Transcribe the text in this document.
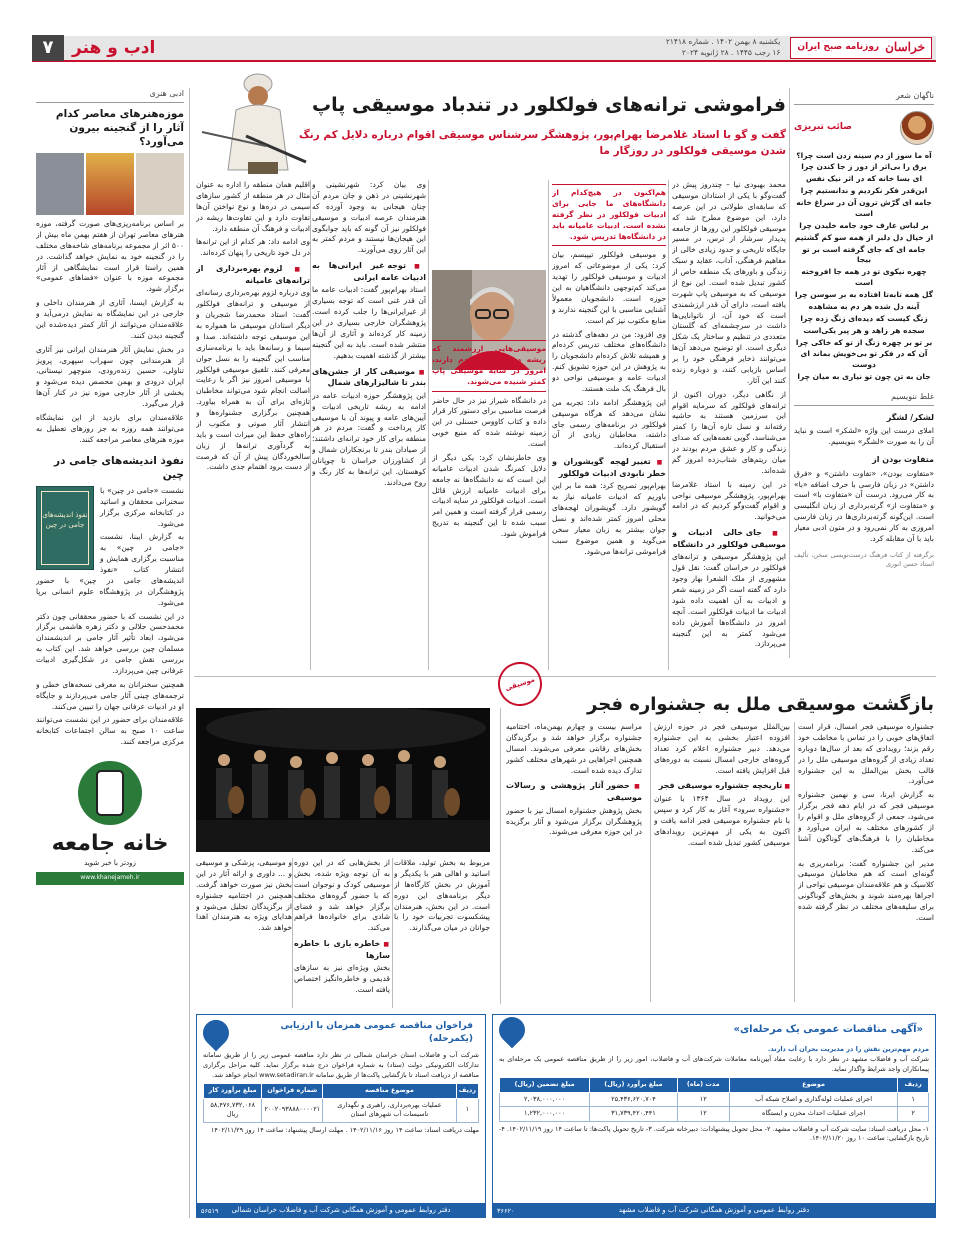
خراسان
روزنامه صبح ایران
یکشنبه ۸ بهمن ۱۴۰۲ . شماره ۲۱۴۱۸
۱۶ رجب ۱۴۴۵ . ۲۸ ژانویه ۲۰۲۴
ادب و هنر
۷
ناگهان شعر
صائب تبریزی
آه ما سوز از دم سینه زدن است چرا؟
برق را بی‌اثر از دور ز جا کندن چرا
ای بسا خانه که در اثر نیک نفس
این‌قدر فکر نکردیم و ندانستیم چرا
جامه ای گرّش ترون آن در سراغ خانه است
بر لباس عارف خود جامه خلیدن چرا
از خیال دل دلبر از همه سو کم گشتیم
جامه ای که جای گرفته است بر تو بیجا
چهره نیکوی تو در همه جا افروخته است
گل همه تابه‌تا افتاده به بر سوسن چرا
آینه دل شده هر دم به مشاهده
زنگ کیست که دیده‌ای زنگ زده چرا
سجده هر زاهد و هر پیر یکی‌است
بر تو بر چهره زنگ از تو که خاکی چرا
آن که در فکر تو بی‌خویش بماند ای دوست
جان به تن چون تو نیاری به میان چرا
غلط ننویسیم
لشکر/ لشگر
املای درست این واژه «لشکر» است و نباید آن را به صورت «لشگر» بنویسیم.
متفاوت بودن از
«متفاوت بودن»، «تفاوت داشتن» و «فرق داشتن» در زبان فارسی با حرف اضافه «با» به کار می‌رود. درست آن «متفاوت با» است و «متفاوت از» گرته‌برداری از زبان انگلیسی است. این‌گونه گرته‌برداری‌ها در زبان فارسی امروزی به کار نمی‌رود و در متون ادبی معیار باید با آن مقابله کرد.
برگرفته از کتاب فرهنگ درست‌نویسی سخن، تألیف استاد حسن انوری
فراموشی ترانه‌های فولکلور در تندباد موسیقی پاپ
گفت و گو با استاد غلامرضا بهرام‌پور، پژوهشگر سرشناس موسیقی اقوام درباره دلایل کم رنگ شدن موسیقی فولکلور در روزگار ما
محمد بهبودی نیا – چندروز پیش در گفت‌وگو با یکی از استادان موسیقی که سابقه‌ای طولانی در این عرصه دارد، این موضوع مطرح شد که موسیقی فولکلور این روزها از جامعه پدیدار سرشار از ترس، در مسیر جایگاه تاریخی و حدود زیادی خالی از مفاهیم فرهنگی، آداب، عقاید و سبک زندگی و باورهای یک منطقه خاص از کشور تبدیل شده است. این نوع از موسیقی که به موسیقی پاپ شهرت یافته است، دارای آن قدر ارزشمندی است که خود آن، از ناتوانایی‌ها داشت در سرچشمه‌ای که گلستان متعددی در تنظیم و ساختار یک شکل دیگری است. او توضیح می‌دهد آن‌ها می‌توانند ذخایر فرهنگی خود را بر اساس بازیابی کنند، و دوباره زنده کنند این آثار.
از نگاهی دیگر، دوران اکنون از ترانه‌های فولکلور که سرمایه اقوام این سرزمین هستند به حاشیه رفته‌اند و نسل تازه آن‌ها را کمتر می‌شناسد، گویی نغمه‌هایی که صدای زندگی و کار و عشق مردم بودند در میان ریتم‌های شتاب‌زده امروز گم شده‌اند.
در این زمینه با استاد غلامرضا بهرام‌پور، پژوهشگر موسیقی نواحی و اقوام گفت‌وگو کردیم که در ادامه می‌خوانید.
■ جای خالی ادبیات و موسیقی فولکلور در دانشگاه
این پژوهشگر موسیقی و ترانه‌های فولکلور در خراسان گفت: نقل قول مشهوری از ملک الشعرا بهار وجود دارد که گفته است اگر در زمینه شعر و ادبیات به آن اهمیت داده شود ادبیات ما ادبیات فولکلور است. آنچه امروز در دانشگاه‌ها آموزش داده می‌شود کمتر به این گنجینه می‌پردازد.
هم‌اکنون در هیچ‌کدام از دانشگاه‌های ما جایی برای ادبیات فولکلور در نظر گرفته نشده است. ادبیات عامیانه باید در دانشگاه‌ها تدریس شود.
و موسیقی فولکلور تیپیسم، بیان کرد: یکی از موضوعاتی که امروز ادبیات و موسیقی فولکلور را تهدید می‌کند کم‌توجهی دانشگاهیان به این حوزه است. دانشجویان معمولاً آشنایی مناسبی با این گنجینه ندارند و منابع مکتوب نیز کم است.
وی افزود: من در دهه‌های گذشته در دانشگاه‌های مختلف تدریس کرده‌ام و همیشه تلاش کرده‌ام دانشجویان را به پژوهش در این حوزه تشویق کنم. ادبیات عامه و موسیقی نواحی دو بال فرهنگ یک ملت هستند.
این پژوهشگر ادامه داد: تجربه من نشان می‌دهد که هرگاه موسیقی فولکلور در برنامه‌های رسمی جای داشته، مخاطبان زیادی از آن استقبال کرده‌اند.
■ تغییر لهجه گویشوران و خطر نابودی ادبیات فولکلور
بهرام‌پور تصریح کرد: همه ما بر این باوریم که ادبیات عامیانه نیاز به گویشور دارد. گویشوران لهجه‌های محلی امروز کمتر شده‌اند و نسل جوان بیشتر به زبان معیار سخن می‌گوید و همین موضوع سبب فراموشی ترانه‌ها می‌شود.
موسیقی‌هایی ارزشمند که ریشه در فرهنگ مردم دارند، امروز در سایه موسیقی پاپ کمتر شنیده می‌شوند.
در دانشگاه شیراز نیز در حال حاضر فرصت مناسبی برای دستور کار قرار داده و کتاب کاووس حسنلی در این زمینه نوشته شده که منبع خوبی است.
وی خاطرنشان کرد: یکی دیگر از دلایل کمرنگ شدن ادبیات عامیانه این است که نه دانشگاه‌ها نه جامعه برای ادبیات عامیانه ارزش قائل است. ادبیات فولکلور در سایه ادبیات رسمی قرار گرفته است و همین امر سبب شده تا این گنجینه به تدریج فراموش شود.
وی بیان کرد: شهرنشینی و شهرنشینی در ذهن و جان مردم آن چنان هیجانی به وجود آورده که هنرمندان عرصه ادبیات و موسیقی فولکلور نیز آن گونه که باید جوابگوی این هیجان‌ها نیستند و مردم کمتر به این آثار روی می‌آورند.
■ توجه غیر ایرانی‌ها به ادبیات عامه ایرانی
استاد بهرام‌پور گفت: ادبیات عامه ما آن قدر غنی است که توجه بسیاری از غیرایرانی‌ها را جلب کرده است. پژوهشگران خارجی بسیاری در این زمینه کار کرده‌اند و آثاری از آن‌ها منتشر شده است. باید به این گنجینه بیشتر از گذشته اهمیت بدهیم.
■ موسیقی کار از جشن‌های بندر تا شالیزارهای شمال
این پژوهشگر حوزه ادبیات عامه در ادامه به ریشه تاریخی ادبیات و آیین‌های عامه و پیوند آن با موسیقی کار پرداخت و گفت: مردم در هر منطقه برای کار خود ترانه‌ای داشتند؛ از صیادان بندر تا برنجکاران شمال و از کشاورزان خراسان تا چوپانان کوهستان. این ترانه‌ها به کار رنگ و روح می‌دادند.
اقلیم همان منطقه را اداره به عنوان مثال در هر منطقه از کشور سازهای سیمی در دره‌ها و نوع نواختن آن‌ها تفاوت دارد و این تفاوت‌ها ریشه در ادبیات و فرهنگ آن منطقه دارد.
وی ادامه داد: هر کدام از این ترانه‌ها در دل خود تاریخی را پنهان کرده‌اند.
■ لزوم بهره‌برداری از ترانه‌های عامیانه
وی درباره لزوم بهره‌برداری رسانه‌ای از موسیقی و ترانه‌های فولکلور گفت: استاد محمدرضا شجریان و دیگر استادان موسیقی ما همواره به این موسیقی توجه داشته‌اند. صدا و سیما و رسانه‌ها باید با برنامه‌سازی مناسب این گنجینه را به نسل جوان معرفی کنند. تلفیق موسیقی فولکلور با موسیقی امروز نیز اگر با رعایت اصالت انجام شود می‌تواند مخاطبان تازه‌ای برای آن به همراه بیاورد. همچنین برگزاری جشنواره‌ها و انتشار آثار صوتی و مکتوب از راه‌های حفظ این میراث است و باید به گردآوری ترانه‌ها از زبان سالخوردگان پیش از آن که فرصت از دست برود اهتمام جدی داشت.
ادبی هنری
موزه‌هنرهای معاصر کدام آثار را از گنجینه بیرون می‌آورد؟
بر اساس برنامه‌ریزی‌های صورت گرفته، موزه هنرهای معاصر تهران از هفتم بهمن ماه بیش از ۵۰۰ اثر از مجموعه برنامه‌های شاخه‌های مختلف را در گنجینه خود به نمایش خواهد گذاشت. در همین راستا قرار است نمایشگاهی از آثار مجموعه موزه با عنوان «فضاهای عمومی» برگزار شود.
به گزارش ایسنا، آثاری از هنرمندان داخلی و خارجی در این نمایشگاه به نمایش درمی‌آید و علاقه‌مندان می‌توانند از آثار کمتر دیده‌شده این گنجینه دیدن کنند.
در بخش نمایش آثار هنرمندان ایرانی نیز آثاری از هنرمندانی چون سهراب سپهری، پرویز تناولی، حسین زنده‌رودی، منوچهر نیستانی، ایران درودی و بهمن محصص دیده می‌شود و بخشی از آثار خارجی موزه نیز در کنار آن‌ها قرار می‌گیرد.
علاقه‌مندان برای بازدید از این نمایشگاه می‌توانند همه روزه به جز روزهای تعطیل به موزه هنرهای معاصر مراجعه کنند.
نفوذ اندیشه‌های جامی در چین
نفوذ اندیشه‌های جامی در چین
نشست «جامی در چین» با سخنرانی محققان و اساتید در کتابخانه مرکزی برگزار می‌شود.
به گزارش ایبنا، نشست «جامی در چین» به مناسبت برگزاری همایش و انتشار کتاب «نفوذ اندیشه‌های جامی در چین» با حضور پژوهشگران در پژوهشگاه علوم انسانی برپا می‌شود.
در این نشست که با حضور محققانی چون دکتر محمدحسن جلالی و دکتر زهره هاشمی برگزار می‌شود، ابعاد تأثیر آثار جامی بر اندیشمندان مسلمان چین بررسی خواهد شد. این کتاب به بررسی نقش جامی در شکل‌گیری ادبیات عرفانی چین می‌پردازد.
همچنین سخنرانان به معرفی نسخه‌های خطی و ترجمه‌های چینی آثار جامی می‌پردازند و جایگاه او در ادبیات عرفانی جهان را تبیین می‌کنند.
علاقه‌مندان برای حضور در این نشست می‌توانند ساعت ۱۰ صبح به سالن اجتماعات کتابخانه مرکزی مراجعه کنند.
خانه جامعه
زودتر با خبر شوید
www.khanejameh.ir
موسیقی
بازگشت موسیقی ملل به جشنواره فجر
جشنواره موسیقی فجر امسال، قرار است اتفاق‌های خوبی را در تماس با مخاطب خود رقم بزند؛ رویدادی که بعد از سال‌ها دوباره تعداد زیادی از گروه‌های موسیقی ملل را در قالب بخش بین‌الملل به این جشنواره می‌آورد.
به گزارش ایرنا، سی و نهمین جشنواره موسیقی فجر که در ایام دهه فجر برگزار می‌شود، جمعی از گروه‌های ملل و اقوام را از کشورهای مختلف به ایران می‌آورد و مخاطبان را با فرهنگ‌های گوناگون آشنا می‌کند.
مدیر این جشنواره گفت: برنامه‌ریزی به گونه‌ای است که هم مخاطبان موسیقی کلاسیک و هم علاقه‌مندان موسیقی نواحی از اجراها بهره‌مند شوند و بخش‌های گوناگونی برای سلیقه‌های مختلف در نظر گرفته شده است.
بین‌الملل موسیقی فجر در حوزه ارزش افزوده اعتبار بخشی به این جشنواره می‌دهد. دبیر جشنواره اعلام کرد تعداد گروه‌های خارجی امسال نسبت به دوره‌های قبل افزایش یافته است.
■ تاریخچه جشنواره موسیقی فجر
این رویداد در سال ۱۳۶۴ با عنوان «جشنواره سرود» آغاز به کار کرد و سپس با نام جشنواره موسیقی فجر ادامه یافت و اکنون به یکی از مهم‌ترین رویدادهای موسیقی کشور تبدیل شده است.
مراسم بیست و چهارم بهمن‌ماه، اختتامیه جشنواره برگزار خواهد شد و برگزیدگان بخش‌های رقابتی معرفی می‌شوند. امسال همچنین اجراهایی در شهرهای مختلف کشور تدارک دیده شده است.
■ حضور آثار پژوهشی و رسالات موسیقی
بخش پژوهش جشنواره امسال نیز با حضور پژوهشگران برگزار می‌شود و آثار برگزیده در این حوزه معرفی می‌شوند.
مربوط به بخش تولید، ملاقات اساتید و اهالی هنر با یکدیگر و آموزش در بخش کارگاه‌ها از دیگر برنامه‌های این دوره است. در این بخش، هنرمندان پیشکسوت تجربیات خود را با جوانان در میان می‌گذارند.
از بخش‌هایی که در این دوره به آن توجه ویژه شده، بخش موسیقی کودک و نوجوان است که با حضور گروه‌های مختلف برگزار خواهد شد و فضای شادی برای خانواده‌ها فراهم می‌کند.
■ خاطره بازی با خاطره سازها
بخش ویژه‌ای نیز به سازهای قدیمی و خاطره‌انگیز اختصاص یافته است.
و موسیقی، پزشکی و موسیقی و ... داوری و ارائه آثار در این بخش نیز صورت خواهد گرفت. همچنین در اختتامیه جشنواره از برگزیدگان تجلیل می‌شود و هدایای ویژه به هنرمندان اهدا خواهد شد.
«آگهی مناقصات عمومی یک مرحله‌ای»
مردم مهم‌ترین نقش را در مدیریت بحران آب دارند.
شرکت آب و فاضلاب مشهد در نظر دارد با رعایت مفاد آیین‌نامه معاملات شرکت‌های آب و فاضلاب، امور زیر را از طریق مناقصه عمومی یک مرحله‌ای به پیمانکاران واجد شرایط واگذار نماید.
ردیف	موضوع	مدت (ماه)	مبلغ برآورد (ریال)	مبلغ تضمین (ریال)
۱	اجرای عملیات لوله‌گذاری و اصلاح شبکه آب	۱۲	۲۵,۴۳۶,۶۲۰,۷۰۴	۲,۰۳۸,۰۰۰,۰۰۰
۲	اجرای عملیات احداث مخزن و ایستگاه	۱۲	۳۱,۷۳۹,۴۲۰,۴۴۱	۱,۲۳۲,۰۰۰,۰۰۰
۱- محل دریافت اسناد: سایت شرکت آب و فاضلاب مشهد. ۲- محل تحویل پیشنهادات: دبیرخانه شرکت. ۳- تاریخ تحویل پاکت‌ها: تا ساعت ۱۴ روز ۱۴۰۲/۱۱/۱۹. ۴- تاریخ بازگشایی: ساعت ۱۰ روز ۱۴۰۲/۱۱/۲۰.
دفتر روابط عمومی و آموزش همگانی شرکت آب و فاضلاب مشهد
۳۶۶۲۰
فراخوان مناقصه عمومی همزمان با ارزیابی (یکمرحله)
شرکت آب و فاضلاب استان خراسان شمالی در نظر دارد مناقصه عمومی زیر را از طریق سامانه تدارکات الکترونیکی دولت (ستاد) به شماره فراخوان درج شده برگزار نماید. کلیه مراحل برگزاری مناقصه از دریافت اسناد تا بازگشایی پاکت‌ها از طریق سامانه www.setadiran.ir انجام خواهد شد.
ردیف	موضوع مناقصه	شماره فراخوان	مبلغ برآورد کار
۱	عملیات بهره‌برداری، راهبری و نگهداری تاسیسات آب شهرهای استان	۲۰۰۲۰۹۳۸۸۸۰۰۰۰۲۱	۵۸,۴۷۶,۷۳۲,۰۶۸ ریال
مهلت دریافت اسناد: ساعت ۱۴ روز ۱۴۰۲/۱۱/۱۶ . مهلت ارسال پیشنهاد: ساعت ۱۴ روز ۱۴۰۲/۱۱/۲۹
دفتر روابط عمومی و آموزش همگانی شرکت آب و فاضلاب خراسان شمالی
۵۶۵۱۹
